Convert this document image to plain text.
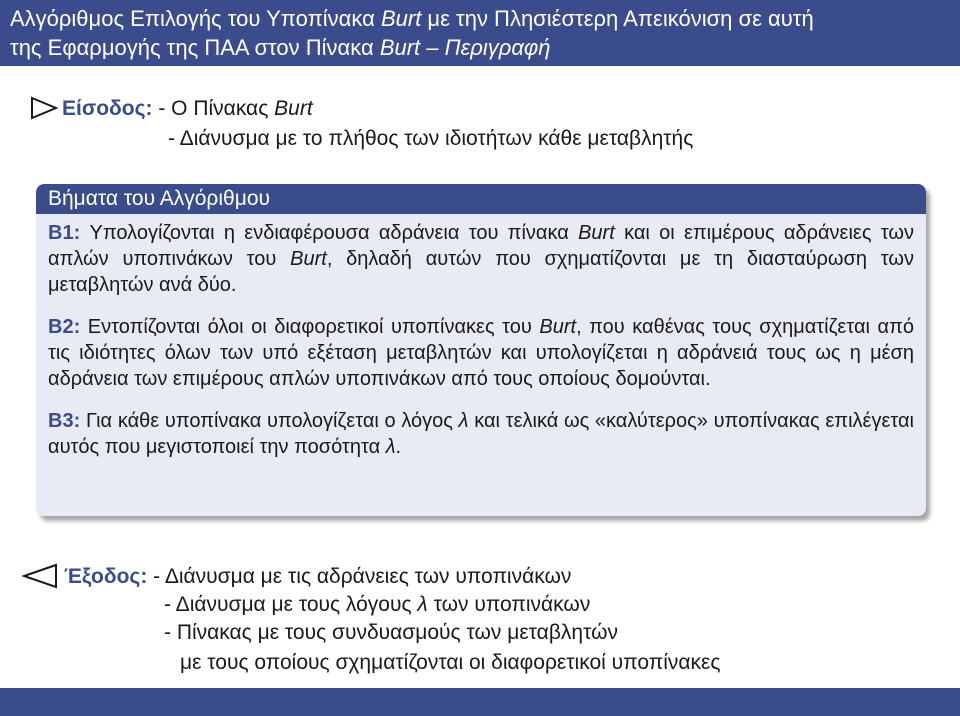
Αλγόριθμος Επιλογής του Υποπίνακα Burt με την Πλησιέστερη Απεικόνιση σε αυτή
της Εφαρμογής της ΠΑΑ στον Πίνακα Burt – Περιγραφή
Είσοδος: - Ο Πίνακας Burt
- Διάνυσμα με το πλήθος των ιδιοτήτων κάθε μεταβλητής
Βήματα του Αλγόριθμου

B1: Υπολογίζονται η ενδιαφέρουσα αδράνεια του πίνακα Burt και οι επιμέρους αδράνειες των απλών υποπινάκων του Burt, δηλαδή αυτών που σχηματίζονται με τη διασταύρωση των μεταβλητών ανά δύο.

B2: Εντοπίζονται όλοι οι διαφορετικοί υποπίνακες του Burt, που καθένας τους σχηματίζεται από τις ιδιότητες όλων των υπό εξέταση μεταβλητών και υπολογίζεται η αδράνειά τους ως η μέση αδράνεια των επιμέρους απλών υποπινάκων από τους οποίους δομούνται.

B3: Για κάθε υποπίνακα υπολογίζεται ο λόγος λ και τελικά ως «καλύτερος» υποπίνακας επιλέγεται αυτός που μεγιστοποιεί την ποσότητα λ.

Έξοδος: - Διάνυσμα με τις αδράνειες των υποπινάκων
- Διάνυσμα με τους λόγους λ των υποπινάκων
- Πίνακας με τους συνδυασμούς των μεταβλητών
με τους οποίους σχηματίζονται οι διαφορετικοί υποπίνακες
